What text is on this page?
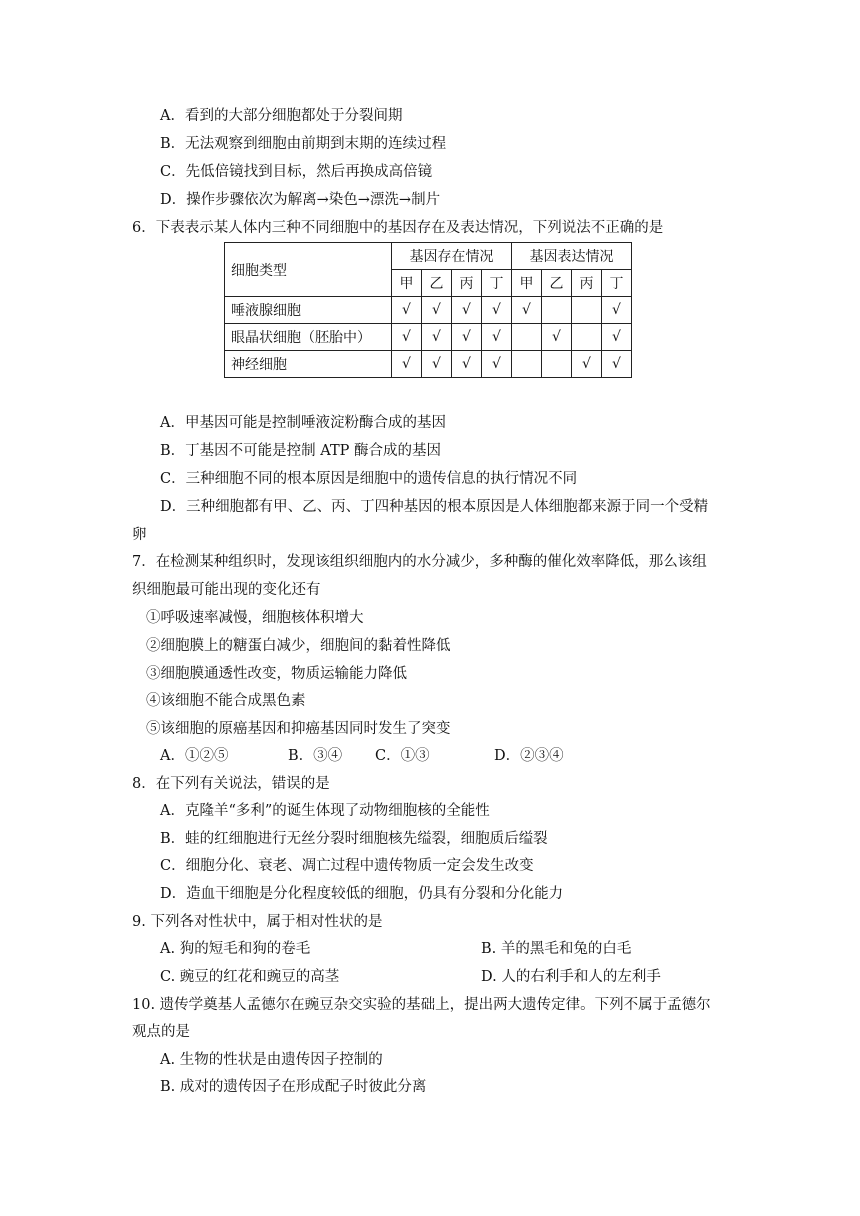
A．看到的大部分细胞都处于分裂间期
B．无法观察到细胞由前期到末期的连续过程
C．先低倍镜找到目标，然后再换成高倍镜
D．操作步骤依次为解离→染色→漂洗→制片
6．下表表示某人体内三种不同细胞中的基因存在及表达情况，下列说法不正确的是
细胞类型	基因存在情况				基因表达情况			
	甲	乙	丙	丁	甲	乙	丙	丁
唾液腺细胞	√	√	√	√	√			√
眼晶状细胞（胚胎中）	√	√	√	√		√		√
神经细胞	√	√	√	√			√	√
A．甲基因可能是控制唾液淀粉酶合成的基因
B．丁基因不可能是控制 ATP 酶合成的基因
C．三种细胞不同的根本原因是细胞中的遗传信息的执行情况不同
D．三种细胞都有甲、乙、丙、丁四种基因的根本原因是人体细胞都来源于同一个受精
卵
7．在检测某种组织时，发现该组织细胞内的水分减少，多种酶的催化效率降低，那么该组
织细胞最可能出现的变化还有
①呼吸速率减慢，细胞核体积增大
②细胞膜上的糖蛋白减少，细胞间的黏着性降低
③细胞膜通透性改变，物质运输能力降低
④该细胞不能合成黑色素
⑤该细胞的原癌基因和抑癌基因同时发生了突变
A．①②⑤	B．③④ C．①③	D．②③④
8．在下列有关说法，错误的是
A．克隆羊“多利”的诞生体现了动物细胞核的全能性
B．蛙的红细胞进行无丝分裂时细胞核先缢裂，细胞质后缢裂
C．细胞分化、衰老、凋亡过程中遗传物质一定会发生改变
D．造血干细胞是分化程度较低的细胞，仍具有分裂和分化能力
9. 下列各对性状中，属于相对性状的是
A. 狗的短毛和狗的卷毛	B. 羊的黑毛和兔的白毛
C. 豌豆的红花和豌豆的高茎	D. 人的右利手和人的左利手
10. 遗传学奠基人孟德尔在豌豆杂交实验的基础上，提出两大遗传定律。下列不属于孟德尔
观点的是
A. 生物的性状是由遗传因子控制的
B. 成对的遗传因子在形成配子时彼此分离
